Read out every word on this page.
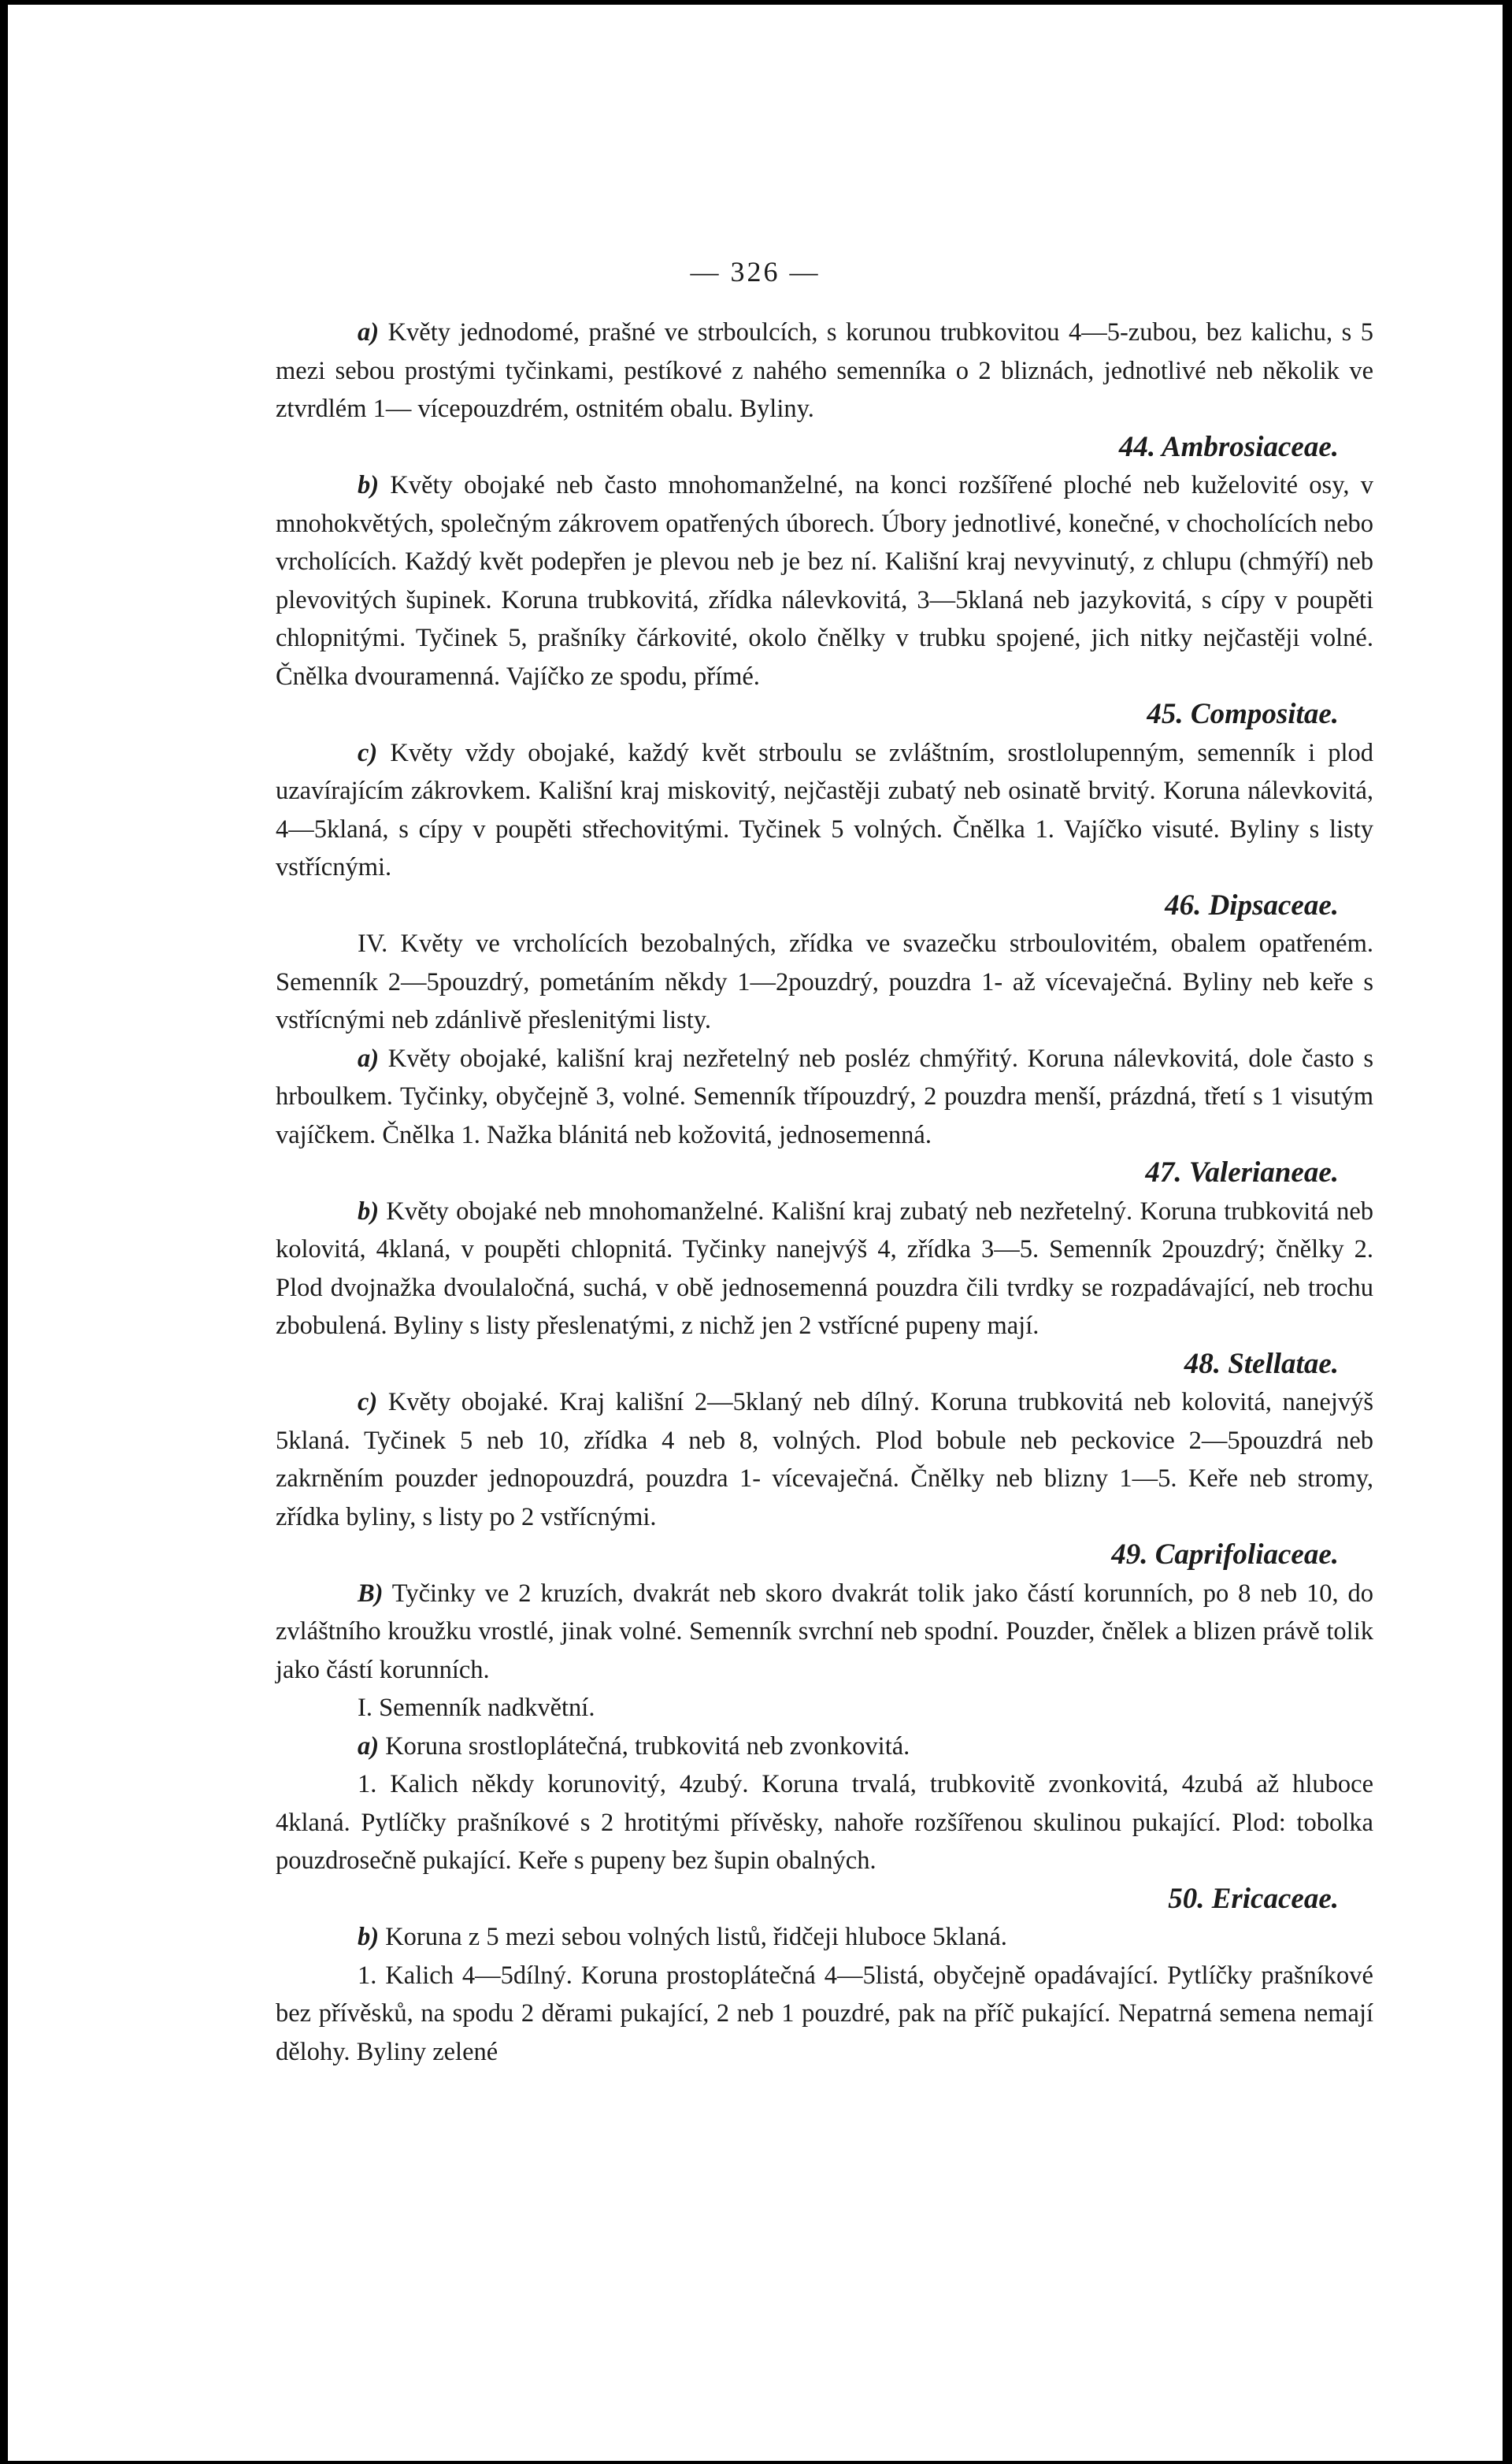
— 326 —

a) Květy jednodomé, prašné ve strboulcích, s korunou trubkovitou 4—5-zubou, bez kalichu, s 5 mezi sebou prostými tyčinkami, pestíkové z nahého semenníka o 2 bliznách, jednotlivé neb několik ve ztvrdlém 1— vícepouzdrém, ostnitém obalu. Byliny.

44. Ambrosiaceae.

b) Květy obojaké neb často mnohomanželné, na konci rozšířené ploché neb kuželovité osy, v mnohokvětých, společným zákrovem opatřených úborech. Úbory jednotlivé, konečné, v chocholících nebo vrcholících. Každý květ podepřen je plevou neb je bez ní. Kališní kraj nevyvinutý, z chlupu (chmýří) neb plevovitých šupinek. Koruna trubkovitá, zřídka nálevkovitá, 3—5klaná neb jazykovitá, s cípy v poupěti chlopnitými. Tyčinek 5, prašníky čárkovité, okolo čnělky v trubku spojené, jich nitky nejčastěji volné. Čnělka dvouramenná. Vajíčko ze spodu, přímé.

45. Compositae.

c) Květy vždy obojaké, každý květ strboulu se zvláštním, srostlolupenným, semenník i plod uzavírajícím zákrovkem. Kališní kraj miskovitý, nejčastěji zubatý neb osinatě brvitý. Koruna nálevkovitá, 4—5klaná, s cípy v poupěti střechovitými. Tyčinek 5 volných. Čnělka 1. Vajíčko visuté. Byliny s listy vstřícnými.

46. Dipsaceae.

IV. Květy ve vrcholících bezobalných, zřídka ve svazečku strboulovitém, obalem opatřeném. Semenník 2—5pouzdrý, pometáním někdy 1—2pouzdrý, pouzdra 1- až vícevaječná. Byliny neb keře s vstřícnými neb zdánlivě přeslenitými listy.

a) Květy obojaké, kališní kraj nezřetelný neb posléz chmýřitý. Koruna nálevkovitá, dole často s hrboulkem. Tyčinky, obyčejně 3, volné. Semenník třípouzdrý, 2 pouzdra menší, prázdná, třetí s 1 visutým vajíčkem. Čnělka 1. Nažka blánitá neb kožovitá, jednosemenná.

47. Valerianeae.

b) Květy obojaké neb mnohomanželné. Kališní kraj zubatý neb nezřetelný. Koruna trubkovitá neb kolovitá, 4klaná, v poupěti chlopnitá. Tyčinky nanejvýš 4, zřídka 3—5. Semenník 2pouzdrý; čnělky 2. Plod dvojnažka dvoulaločná, suchá, v obě jednosemenná pouzdra čili tvrdky se rozpadávající, neb trochu zbobulená. Byliny s listy přeslenatými, z nichž jen 2 vstřícné pupeny mají.

48. Stellatae.

c) Květy obojaké. Kraj kališní 2—5klaný neb dílný. Koruna trubkovitá neb kolovitá, nanejvýš 5klaná. Tyčinek 5 neb 10, zřídka 4 neb 8, volných. Plod bobule neb peckovice 2—5pouzdrá neb zakrněním pouzder jednopouzdrá, pouzdra 1- vícevaječná. Čnělky neb blizny 1—5. Keře neb stromy, zřídka byliny, s listy po 2 vstřícnými.

49. Caprifoliaceae.

B) Tyčinky ve 2 kruzích, dvakrát neb skoro dvakrát tolik jako částí korunních, po 8 neb 10, do zvláštního kroužku vrostlé, jinak volné. Semenník svrchní neb spodní. Pouzder, čnělek a blizen právě tolik jako částí korunních.

I. Semenník nadkvětní.

a) Koruna srostloplátečná, trubkovitá neb zvonkovitá.

1. Kalich někdy korunovitý, 4zubý. Koruna trvalá, trubkovitě zvonkovitá, 4zubá až hluboce 4klaná. Pytlíčky prašníkové s 2 hrotitými přívěsky, nahoře rozšířenou skulinou pukající. Plod: tobolka pouzdrosečně pukající. Keře s pupeny bez šupin obalných.

50. Ericaceae.

b) Koruna z 5 mezi sebou volných listů, řidčeji hluboce 5klaná.

1. Kalich 4—5dílný. Koruna prostoplátečná 4—5listá, obyčejně opadávající. Pytlíčky prašníkové bez přívěsků, na spodu 2 děrami pukající, 2 neb 1 pouzdré, pak na příč pukající. Nepatrná semena nemají dělohy. Byliny zelené
